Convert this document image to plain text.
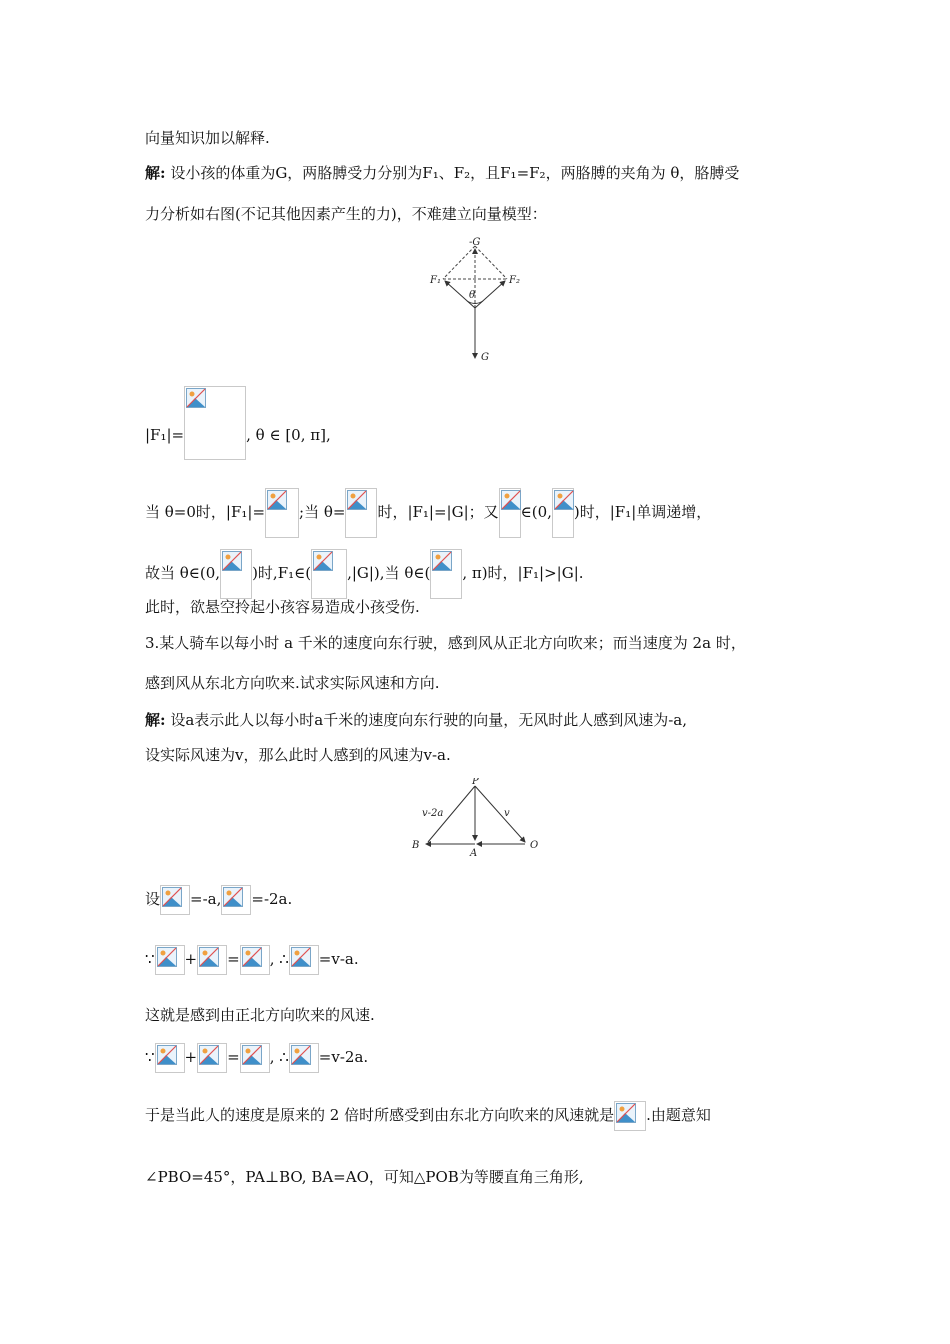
向量知识加以解释.
解: 设小孩的体重为G，两胳膊受力分别为F₁、F₂，且F₁=F₂，两胳膊的夹角为 θ，胳膊受
力分析如右图(不记其他因素产生的力)，不难建立向量模型：
-G
F₁	F₂
θ
G
|F₁|=	, θ ∈ [0, π],
当 θ=0时，|F₁|= ;当 θ= 时，|F₁|=|G|；又 ∈(0, )时，|F₁|单调递增，
故当 θ∈(0, )时,F₁∈( ,|G|),当 θ∈( , π)时，|F₁|>|G|.
此时，欲悬空拎起小孩容易造成小孩受伤.
3.某人骑车以每小时 a 千米的速度向东行驶，感到风从正北方向吹来；而当速度为 2a 时，
感到风从东北方向吹来.试求实际风速和方向.
解: 设a表示此人以每小时a千米的速度向东行驶的向量，无风时此人感到风速为-a,
设实际风速为v，那么此时人感到的风速为v-a.
P
B
A
O
v-2a	v
设 =-a, =-2a.
∵ + = , ∴ =v-a.
这就是感到由正北方向吹来的风速.
∵ + = , ∴ =v-2a.
于是当此人的速度是原来的 2 倍时所感受到由东北方向吹来的风速就是 .由题意知
∠PBO=45°，PA⊥BO, BA=AO，可知△POB为等腰直角三角形,
